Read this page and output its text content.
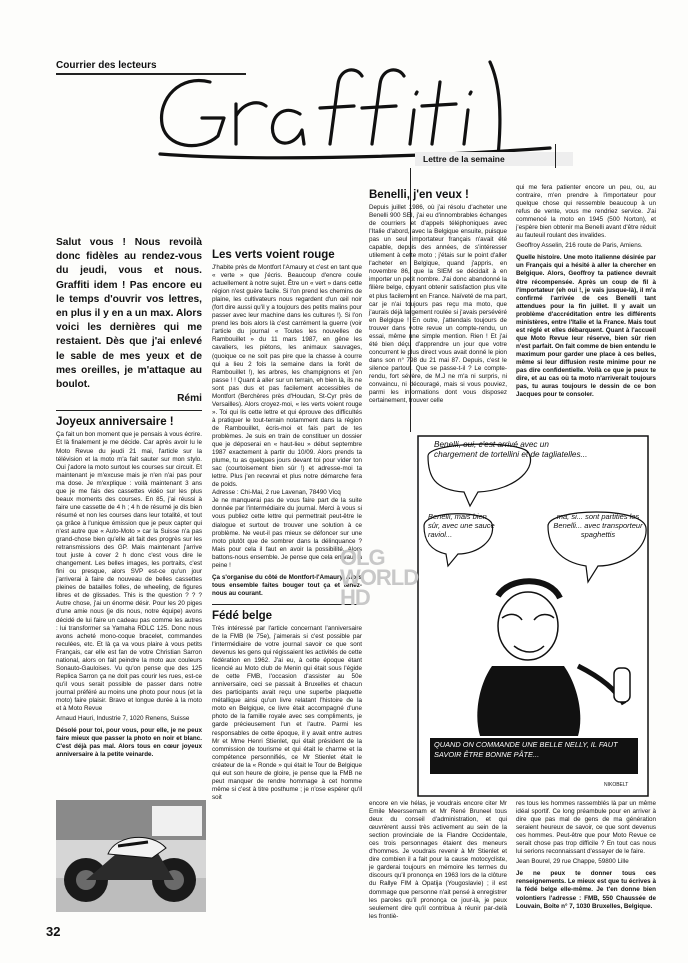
Courrier des lecteurs Graffiti
Lettre de la semaine

Salut vous ! Nous revoilà donc fidèles au rendez-vous du jeudi, vous et nous. Graffiti idem ! Pas encore eu le temps d'ouvrir vos lettres, en plus il y en a un max. Alors voici les dernières qui me restaient. Dès que j'ai enlevé le sable de mes yeux et de mes oreilles, je m'attaque au boulot.

Rémi

Joyeux anniversaire !

Ça fait un bon moment que je pensais à vous écrire. Et là finalement je me décide. Car après avoir lu le Moto Revue du jeudi 21 mai, l'article sur la télévision et la moto m'a fait sauter sur mon stylo. Oui j'adore la moto surtout les courses sur circuit. Et maintenant je m'excuse mais je n'en n'ai pas pour ma dose. Je m'explique : voilà maintenant 3 ans que je me fais des cassettes vidéo sur les plus beaux moments des courses. En 85, j'ai réussi à faire une cassette de 4 h ; 4 h de résumé je dis bien résumé et non les courses dans leur totalité, et tout ça grâce à l'unique émission que je peux capter qui n'est autre que « Auto-Moto » car la Suisse n'a pas grand-chose bien qu'elle ait fait des progrès sur les retransmissions des GP. Mais maintenant j'arrive tout juste à cover 2 h donc c'est vous dire le changement. Les belles images, les portraits, c'est fini ou presque, alors SVP est-ce qu'un jour j'arriverai à faire de nouveau de belles cassettes pleines de batailles folles, de wheeling, de figures libres et de glissades. This is the question ? ? ? Autre chose, j'ai un énorme désir. Pour les 20 piges d'une amie nous (je dis nous, notre équipe) avons décidé de lui faire un cadeau pas comme les autres : lui transformer sa Yamaha RDLC 125. Donc nous avons acheté mono-coque bracelet, commandes reculées, etc. Et là ça va vous plaire à vous petits Français, car elle est fan de votre Christian Sarron national, alors on fait peindre la moto aux couleurs Sonauto-Gauloises. Vu qu'on pense que des 125 Replica Sarron ça ne doit pas courir les rues, est-ce qu'il vous serait possible de passer dans notre journal préféré au moins une photo pour nous (et la moto) faire plaisir. Bravo et longue durée à la moto et à Moto Revue

Arnaud Hauri, Industrie 7, 1020 Renens, Suisse

Désolé pour toi, pour vous, pour elle, je ne peux faire mieux que passer la photo en noir et blanc. C'est déjà pas mal. Alors tous en cœur joyeux anniversaire à la petite veinarde.

32

Les verts voient rouge

J'habite près de Montfort l'Amaury et c'est en tant que « verte » que j'écris. Beaucoup d'encre coule actuellement à notre sujet. Être un « vert » dans cette région n'est guère facile. Si l'on prend les chemins de plaine, les cultivateurs nous regardent d'un œil noir (fort dire aussi qu'il y a toujours des petits malins pour passer avec leur machine dans les cultures !). Si l'on prend les bois alors là c'est carrément la guerre (voir l'article du journal « Toutes les nouvelles de Rambouillet » du 11 mars 1987, en gêne les cavaliers, les piétons, les animaux sauvages, (quoique ce ne soit pas pire que la chasse à courre qui a lieu 2 fois la semaine dans la forêt de Rambouillet !), les arbres, les champignons et j'en passe ! ! Quant à aller sur un terrain, eh bien là, ils ne sont pas dus et pas facilement accessibles de Montfort (Berchères près d'Houdan, St-Cyr près de Versailles). Alors croyez-moi, « les verts voient rouge ». Toi qui lis cette lettre et qui éprouve des difficultés à pratiquer le tout-terrain notamment dans la région de Rambouillet, écris-moi et fais part de tes problèmes. Je suis en train de constituer un dossier que je déposerai en « haut-lieu » début septembre 1987 exactement à partir du 10/09. Alors prends ta plume, tu as quelques jours devant toi pour vider ton sac (courtoisement bien sûr !) et adresse-moi ta lettre. Plus j'en recevrai et plus notre démarche fera de poids.

Adresse : Chi-Mai, 2 rue Lavenan, 78490 Vicq

Je ne manquerai pas de vous faire part de la suite donnée par l'intermédiaire du journal. Merci à vous si vous publiez cette lettre qui permettrait peut-être le dialogue et surtout de trouver une solution à ce problème. Ne veut-il pas mieux se défoncer sur une moto plutôt que de sombrer dans la délinquance ? Mais pour cela il faut en avoir la possibilité. Alors battons-nous ensemble. Je pense que cela en vaut la peine !

Ça s'organise du côté de Montfort-l'Amaury. Alors tous ensemble faites bouger tout ça et tenez-nous au courant.

Fédé belge

Très intéressé par l'article concernant l'anniversaire de la FMB (le 75e), j'aimerais si c'est possible par l'intermédiaire de votre journal savoir ce que sont devenus les gens qui régissaient les activités de cette fédération en 1962. J'ai eu, à cette époque étant licencié au Moto club de Menin qui était sous l'égide de cette FMB, l'occasion d'assister au 50e anniversaire, ceci se passait à Bruxelles et chacun des participants avait reçu une superbe plaquette métallique ainsi qu'un livre relatant l'histoire de la moto en Belgique, ce livre était accompagné d'une photo de la famille royale avec ses compliments, je garde précieusement l'un et l'autre. Parmi les responsables de cette époque, il y avait entre autres Mr et Mme Henri Stienlet, qui était président de la commission de tourisme et qui était le charme et la compétence personnifiés, ce Mr Stienlet était le créateur de la « Ronde » qui était le Tour de Belgique qui eut son heure de gloire, je pense que la FMB ne peut manquer de rendre hommage à cet homme même si c'est à titre posthume ; je n'ose espérer qu'il soit

Benelli, j'en veux !

Depuis juillet 1986, où j'ai résolu d'acheter une Benelli 900 SEI, j'ai eu d'innombrables échanges de courriers et d'appels téléphoniques avec l'Italie d'abord, avec la Belgique ensuite, puisque pas un seul importateur français n'avait été capable, depuis des années, de s'intéresser utilement à cette moto ; j'étais sur le point d'aller l'acheter en Belgique, quand j'appris, en novembre 86, que la SIEM se décidait à en importer un petit nombre. J'ai donc abandonné la filière belge, croyant obtenir satisfaction plus vite et plus facilement en France. Naïveté de ma part, car je n'ai toujours pas reçu ma moto, que j'aurais déjà largement roulée si j'avais persévéré en Belgique ! En outre, j'attendais toujours de trouver dans votre revue un compte-rendu, un essai, même une simple mention. Rien ! Et j'ai été bien déçu d'apprendre un jour que votre concurrent le plus direct vous avait donné le pion dans son n° 798 du 21 mai 87. Depuis, c'est le silence partout. Que se passe-t-il ? Le compte-rendu, fort sévère, de M.J ne m'a ni surpris, ni convaincu, ni découragé, mais si vous pouviez, parmi les informations dont vous disposez certainement, trouver celle

encore en vie hélas, je voudrais encore citer Mr Emile Meerssemam et Mr René Bruneel tous deux du conseil d'administration, et qui œuvrèrent aussi très activement au sein de la section provinciale de la Flandre Occidentale, ces trois personnages étaient des meneurs d'hommes. Je voudrais revenir à Mr Stienlet et dire combien il a fait pour la cause motocycliste, je garderai toujours en mémoire les termes du discours qu'il prononça en 1963 lors de la clôture du Rallye FIM à Opatija (Yougoslavie) ; il est dommage que personne n'ait pensé à enregistrer les paroles qu'il prononça ce jour-là, je peux seulement dire qu'il contribua à réunir par-delà les frontiè-

qui me fera patienter encore un peu, ou, au contraire, m'en prendre à l'importateur pour quelque chose qui ressemble beaucoup à un refus de vente, vous me rendriez service. J'ai commencé la moto en 1945 (500 Norton), et j'espère bien obtenir ma Benelli avant d'être réduit au fauteuil roulant des invalides.

Geoffroy Asselin, 216 route de Paris, Amiens.

Quelle histoire. Une moto italienne désirée par un Français qui a hésité à aller la chercher en Belgique. Alors, Geoffroy ta patience devrait être récompensée. Après un coup de fil à l'importateur (eh oui !, je vais jusque-là), il m'a confirmé l'arrivée de ces Benelli tant attendues pour la fin juillet. Il y avait un problème d'accréditation entre les différents ministères, entre l'Italie et la France. Mais tout est réglé et elles débarquent. Quant à l'accueil que Moto Revue leur réserve, bien sûr rien n'est parfait. On fait comme de bien entendu le maximum pour garder une place à ces belles, même si leur diffusion reste minime pour ne pas dire confidentielle. Voilà ce que je peux te dire, et au cas où ta moto n'arriverait toujours pas, tu auras toujours le dessin de ce bon Jacques pour te consoler.

res tous les hommes rassemblés là par un même idéal sportif. Ce long préambule pour en arriver à dire que pas mal de gens de ma génération seraient heureux de savoir, ce que sont devenus ces hommes. Peut-être que pour Moto Revue ce serait chose pas trop difficile ? En tout cas nous lui serions reconnaissant d'essayer de le faire.

Jean Bourel, 29 rue Chappe, 59800 Lille

Je ne peux te donner tous ces renseignements. Le mieux est que tu écrives à la fédé belge elle-même. Je t'en donne bien volontiers l'adresse : FMB, 550 Chaussée de Louvain, Boîte n° 7, 1030 Bruxelles, Belgique.

.
Benelli, oui, c'est arrivé avec un chargement de tortellini et de tagliatelles...
Benelli, mais bien sûr, avec une sauce raviol...
ma, si... sont partities les Benelli... avec transporteur spaghettis
QUAND ON COMMANDE UNE BELLE NELLY, IL FAUT SAVOIR ÊTRE BONNE PÂTE...
NIKOBELT
OLG WORLD HD
